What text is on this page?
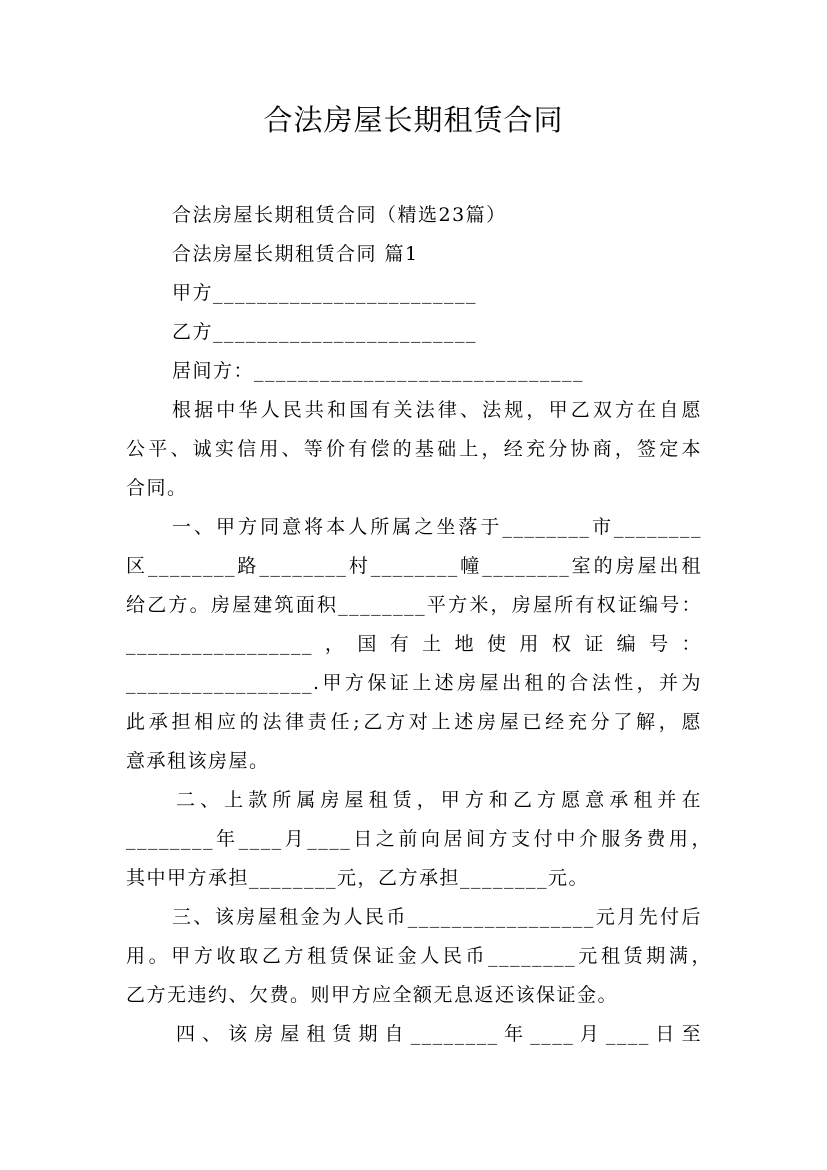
合法房屋长期租赁合同
合法房屋长期租赁合同（精选23篇）
合法房屋长期租赁合同 篇1
甲方________________________
乙方________________________
居间方：______________________________
根据中华人民共和国有关法律、法规，甲乙双方在自愿
公平、诚实信用、等价有偿的基础上，经充分协商，签定本
合同。
一、甲方同意将本人所属之坐落于________市________
区________路________村________幢________室的房屋出租
给乙方。房屋建筑面积________平方米，房屋所有权证编号：
_________________，国有土地使用权证编号：
_________________.甲方保证上述房屋出租的合法性，并为
此承担相应的法律责任;乙方对上述房屋已经充分了解，愿
意承租该房屋。
二、上款所属房屋租赁，甲方和乙方愿意承租并在
________年____月____日之前向居间方支付中介服务费用，
其中甲方承担________元，乙方承担________元。
三、该房屋租金为人民币_________________元月先付后
用。甲方收取乙方租赁保证金人民币________元租赁期满，
乙方无违约、欠费。则甲方应全额无息返还该保证金。
四、该房屋租赁期自________年____月____日至
